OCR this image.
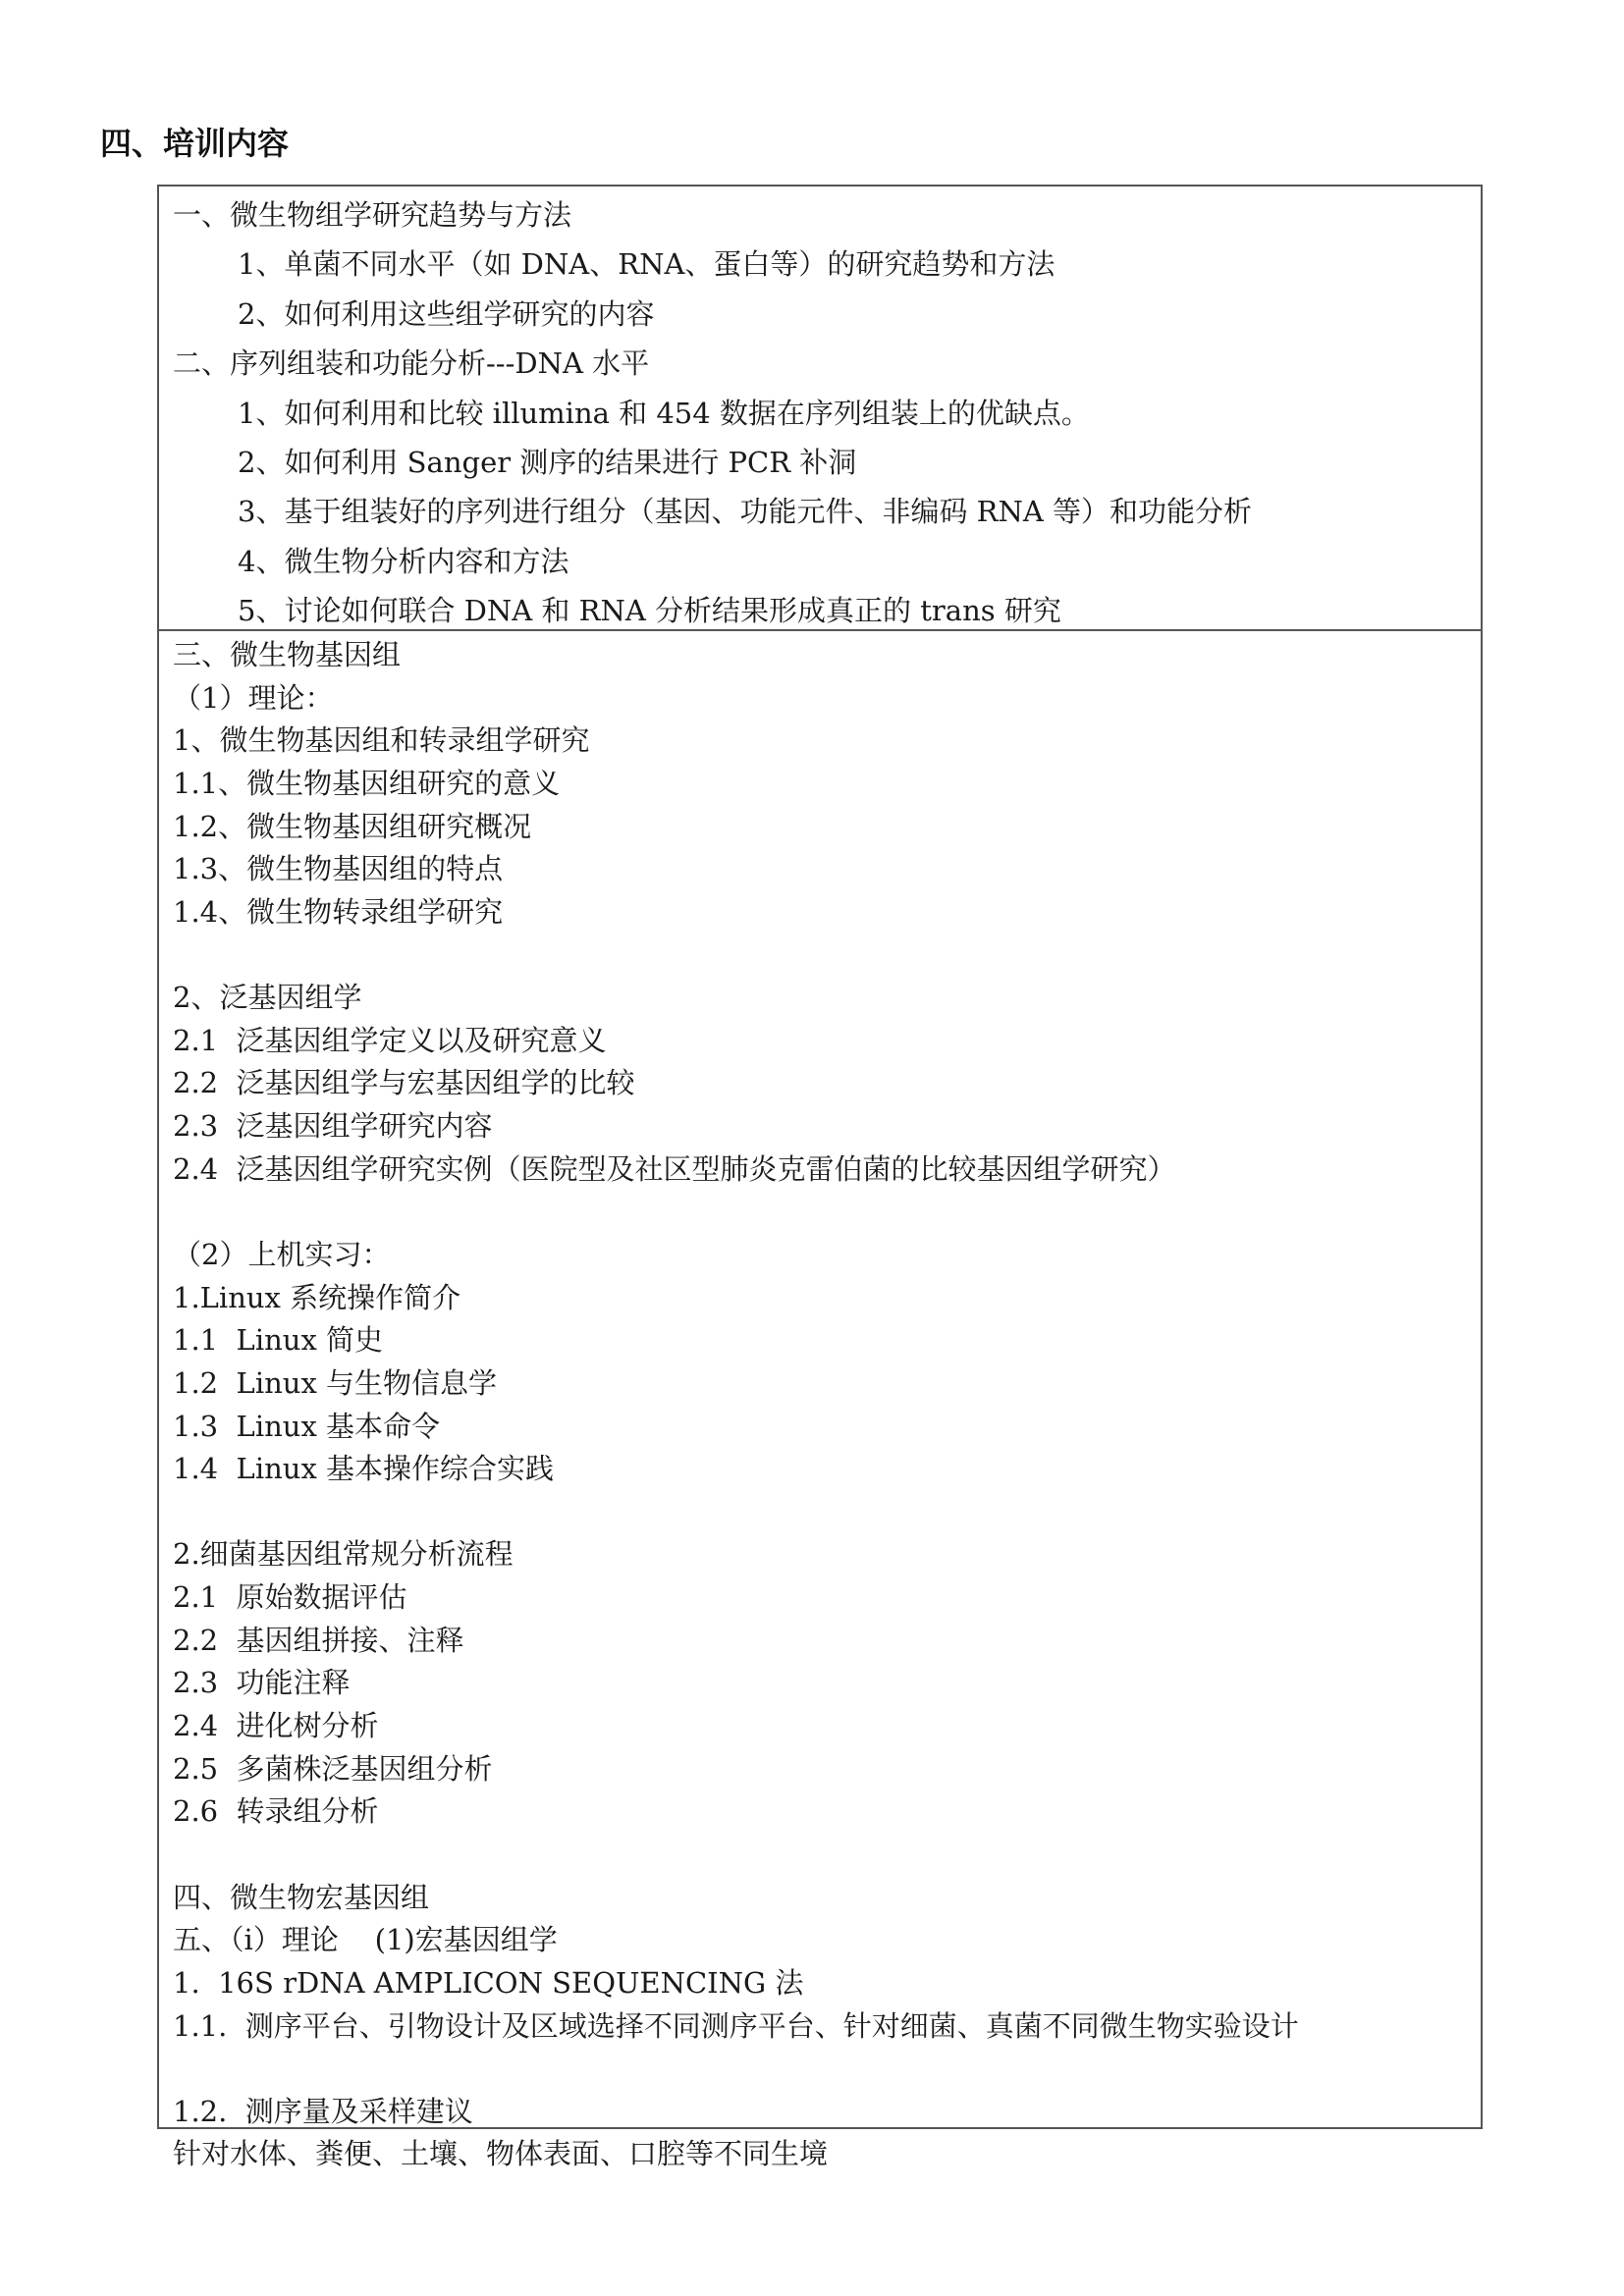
四、培训内容
一、微生物组学研究趋势与方法
1、单菌不同水平（如 DNA、RNA、蛋白等）的研究趋势和方法
2、如何利用这些组学研究的内容
二、序列组装和功能分析---DNA 水平
1、如何利用和比较 illumina 和 454 数据在序列组装上的优缺点。
2、如何利用 Sanger 测序的结果进行 PCR 补洞
3、基于组装好的序列进行组分（基因、功能元件、非编码 RNA 等）和功能分析
4、微生物分析内容和方法
5、讨论如何联合 DNA 和 RNA 分析结果形成真正的 trans 研究
三、微生物基因组
（1）理论：
1、微生物基因组和转录组学研究
1.1、微生物基因组研究的意义
1.2、微生物基因组研究概况
1.3、微生物基因组的特点
1.4、微生物转录组学研究
2、泛基因组学
2.1  泛基因组学定义以及研究意义
2.2  泛基因组学与宏基因组学的比较
2.3  泛基因组学研究内容
2.4  泛基因组学研究实例（医院型及社区型肺炎克雷伯菌的比较基因组学研究）
（2）上机实习：
1.Linux 系统操作简介
1.1  Linux 简史
1.2  Linux 与生物信息学
1.3  Linux 基本命令
1.4  Linux 基本操作综合实践
2.细菌基因组常规分析流程
2.1  原始数据评估
2.2  基因组拼接、注释
2.3  功能注释
2.4  进化树分析
2.5  多菌株泛基因组分析
2.6  转录组分析
四、微生物宏基因组
五、（i）理论    (1)宏基因组学
1.  16S rDNA AMPLICON SEQUENCING 法
1.1.  测序平台、引物设计及区域选择不同测序平台、针对细菌、真菌不同微生物实验设计
1.2.  测序量及采样建议
针对水体、粪便、土壤、物体表面、口腔等不同生境
